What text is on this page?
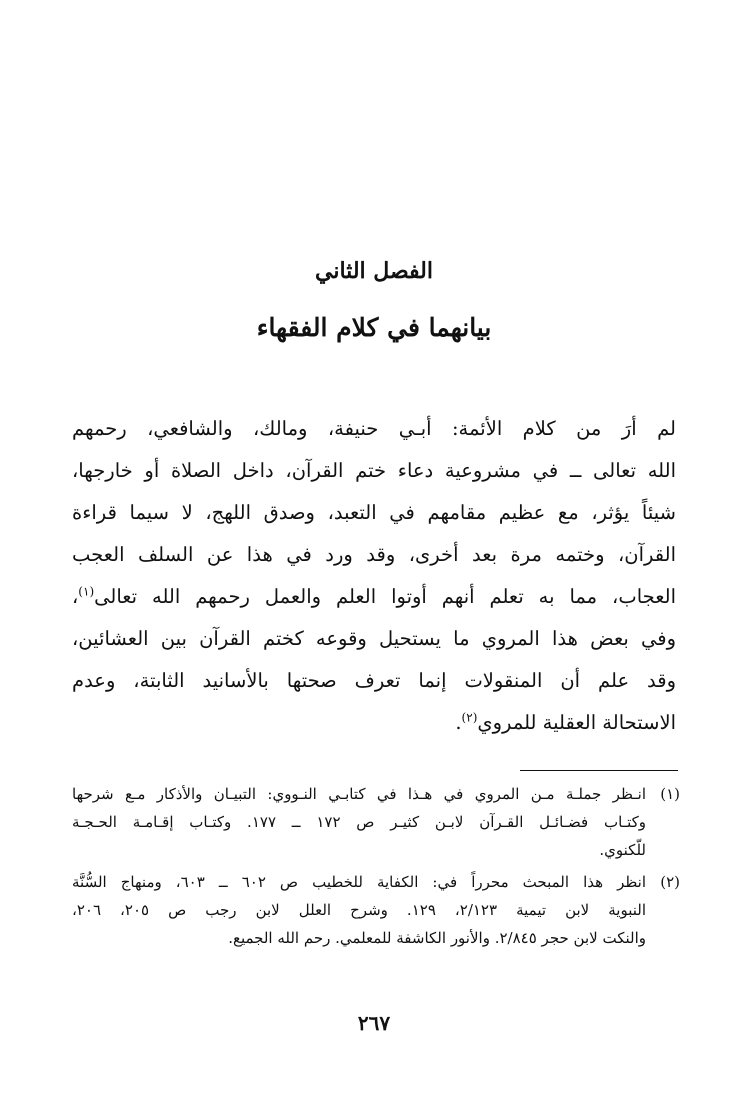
الفصل الثاني
بيانهما في كلام الفقهاء
لم أرَ من كلام الأئمة: أبـي حنيفة، ومالك، والشافعي، رحمهم
الله تعالى ــ في مشروعية دعاء ختم القرآن، داخل الصلاة أو خارجها،
شيئاً يؤثر، مع عظيم مقامهم في التعبد، وصدق اللهج، لا سيما قراءة
القرآن، وختمه مرة بعد أخرى، وقد ورد في هذا عن السلف العجب
العجاب، مما به تعلم أنهم أوتوا العلم والعمل رحمهم الله تعالى$^{(١)}$،
وفي بعض هذا المروي ما يستحيل وقوعه كختم القرآن بين العشائين،
وقد علم أن المنقولات إنما تعرف صحتها بالأسانيد الثابتة، وعدم
الاستحالة العقلية للمروي$^{(٢)}$.
(١)
انـظر جملـة مـن المروي في هـذا في كتابـي النـووي: التبيـان والأذكار مـع شرحها
وكتـاب فضـائـل القـرآن لابـن كثيـر ص ١٧٢ ــ ١٧٧. وكتـاب إقـامـة الحـجـة
للّكنوي.
(٢)
انظر هذا المبحث محرراً في: الكفاية للخطيب ص ٦٠٢ ــ ٦٠٣، ومنهاج السُّنَّة
النبوية لابن تيمية ٢/١٢٣، ١٢٩. وشرح العلل لابن رجب ص ٢٠٥، ٢٠٦،
والنكت لابن حجر ٢/٨٤٥. والأنور الكاشفة للمعلمي. رحم الله الجميع.
٢٦٧
